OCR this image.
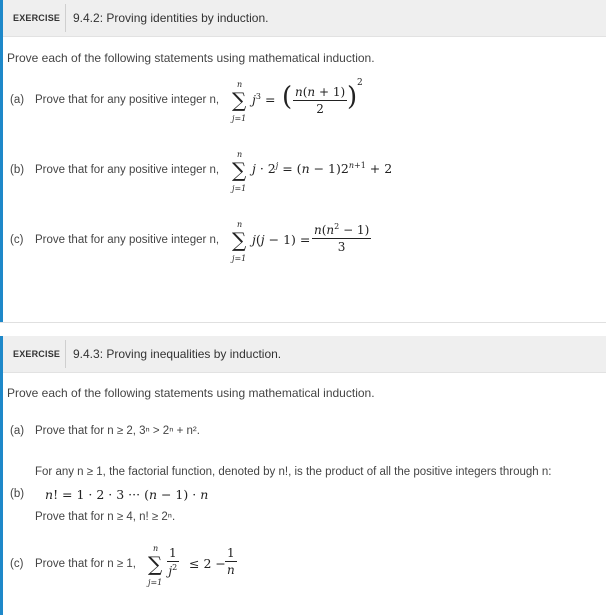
EXERCISE	9.4.2: Proving identities by induction.
Prove each of the following statements using mathematical induction.
(a) Prove that for any positive integer n,
n
∑
j=1
$j^3$ = ( $\frac{n(n + 1)}{2}$ ) 2
(b) Prove that for any positive integer n,
n
∑
j=1
$j \cdot 2^j = (n - 1)2^{n+1} + 2$
(c) Prove that for any positive integer n,
n
∑
j=1
$j(j - 1) = \frac{n(n^2 - 1)}{3}$
EXERCISE	9.4.3: Proving inequalities by induction.
Prove each of the following statements using mathematical induction.
(a) Prove that for n ≥ 2, 3ⁿ > 2ⁿ + n².
For any n ≥ 1, the factorial function, denoted by n!, is the product of all the positive integers through n:
(b) n! = 1 · 2 · 3 ··· (n − 1) · n
Prove that for n ≥ 4, n! ≥ 2ⁿ.
(c) Prove that for n ≥ 1,
n
∑
j=1
$\frac{1}{j^2} \le 2 - \frac{1}{n}$
